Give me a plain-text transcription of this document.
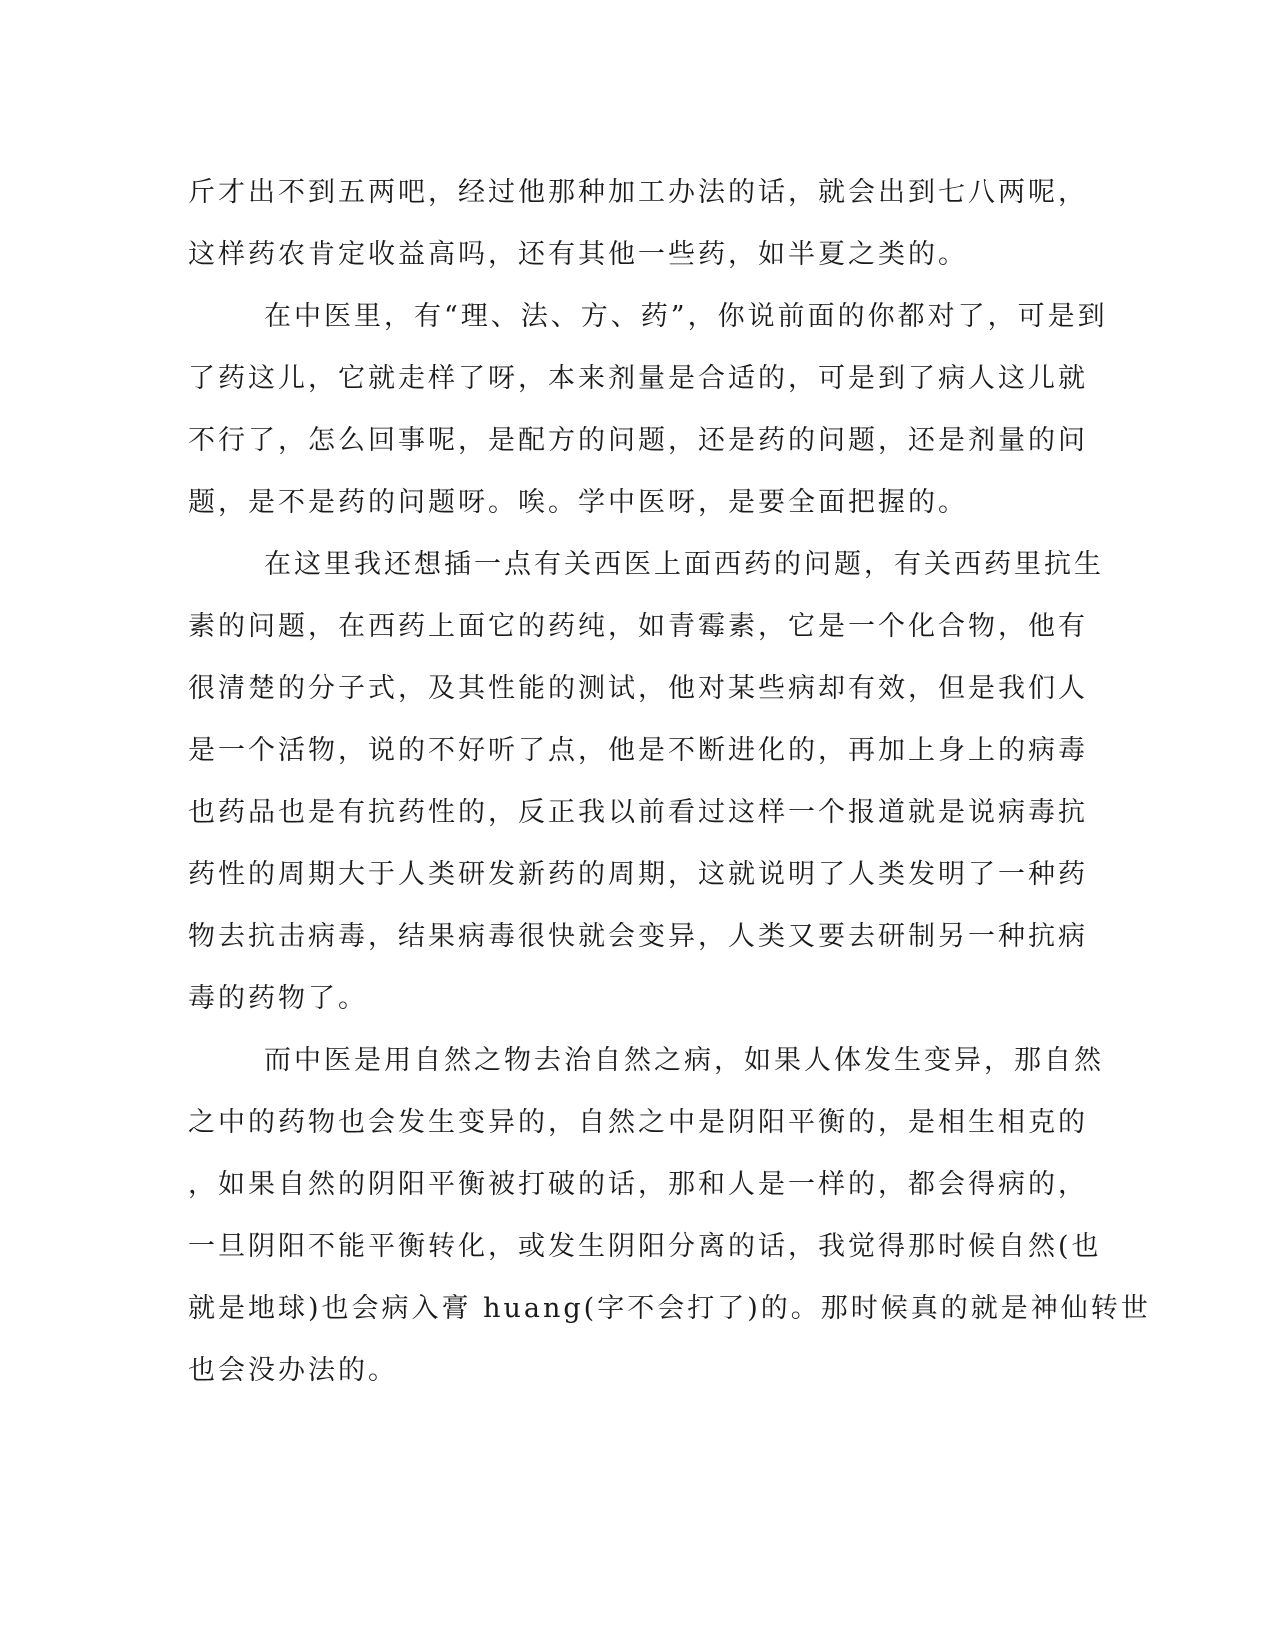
斤才出不到五两吧，经过他那种加工办法的话，就会出到七八两呢，
这样药农肯定收益高吗，还有其他一些药，如半夏之类的。
在中医里，有“理、法、方、药”，你说前面的你都对了，可是到
了药这儿，它就走样了呀，本来剂量是合适的，可是到了病人这儿就
不行了，怎么回事呢，是配方的问题，还是药的问题，还是剂量的问
题，是不是药的问题呀。唉。学中医呀，是要全面把握的。
在这里我还想插一点有关西医上面西药的问题，有关西药里抗生
素的问题，在西药上面它的药纯，如青霉素，它是一个化合物，他有
很清楚的分子式，及其性能的测试，他对某些病却有效，但是我们人
是一个活物，说的不好听了点，他是不断进化的，再加上身上的病毒
也药品也是有抗药性的，反正我以前看过这样一个报道就是说病毒抗
药性的周期大于人类研发新药的周期，这就说明了人类发明了一种药
物去抗击病毒，结果病毒很快就会变异，人类又要去研制另一种抗病
毒的药物了。
而中医是用自然之物去治自然之病，如果人体发生变异，那自然
之中的药物也会发生变异的，自然之中是阴阳平衡的，是相生相克的
，如果自然的阴阳平衡被打破的话，那和人是一样的，都会得病的，
一旦阴阳不能平衡转化，或发生阴阳分离的话，我觉得那时候自然(也
就是地球)也会病入膏 huang(字不会打了)的。那时候真的就是神仙转世
也会没办法的。
